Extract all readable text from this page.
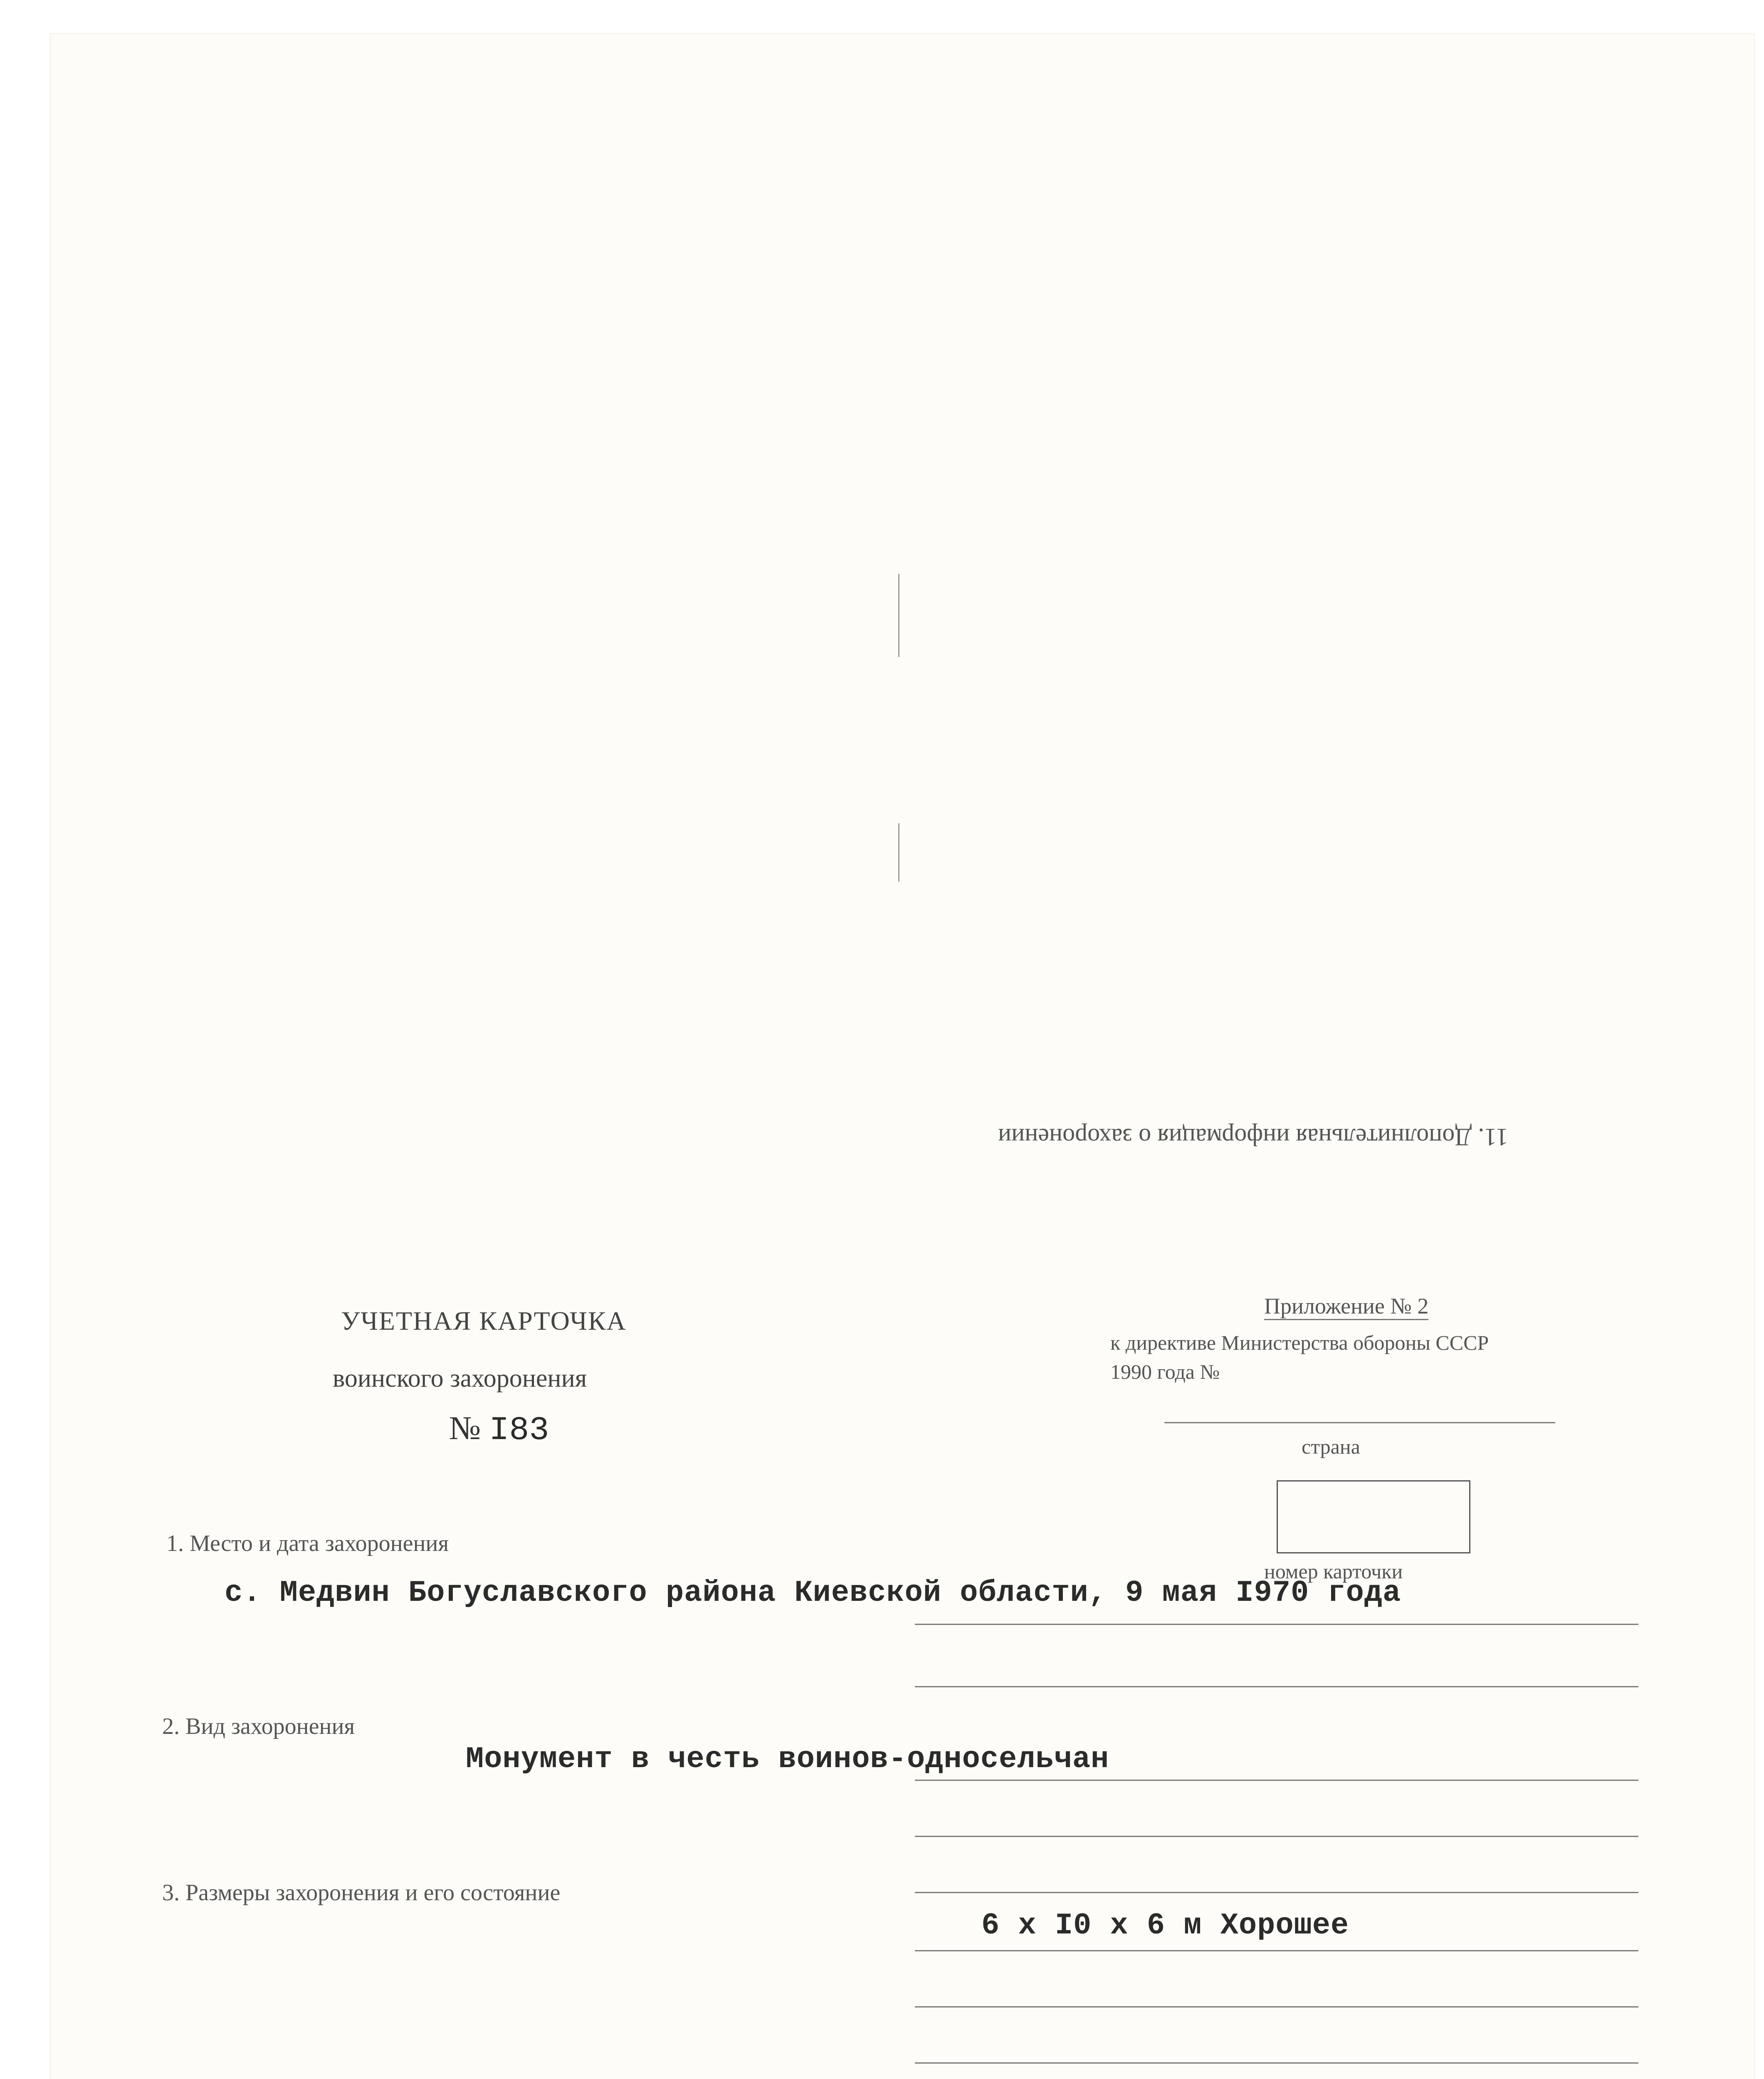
11. Дополнительная информация о захоронении
УЧЕТНАЯ КАРТОЧКА
воинского захоронения
№ I83
Приложение № 2
к директиве Министерства обороны СССР
1990 года №
страна
номер карточки
1. Место и дата захоронения
с. Медвин Богуславского района Киевской области, 9 мая I970 года
2. Вид захоронения
Монумент в честь воинов-односельчан
3. Размеры захоронения и его состояние
6 х I0 х 6 м Хорошее
